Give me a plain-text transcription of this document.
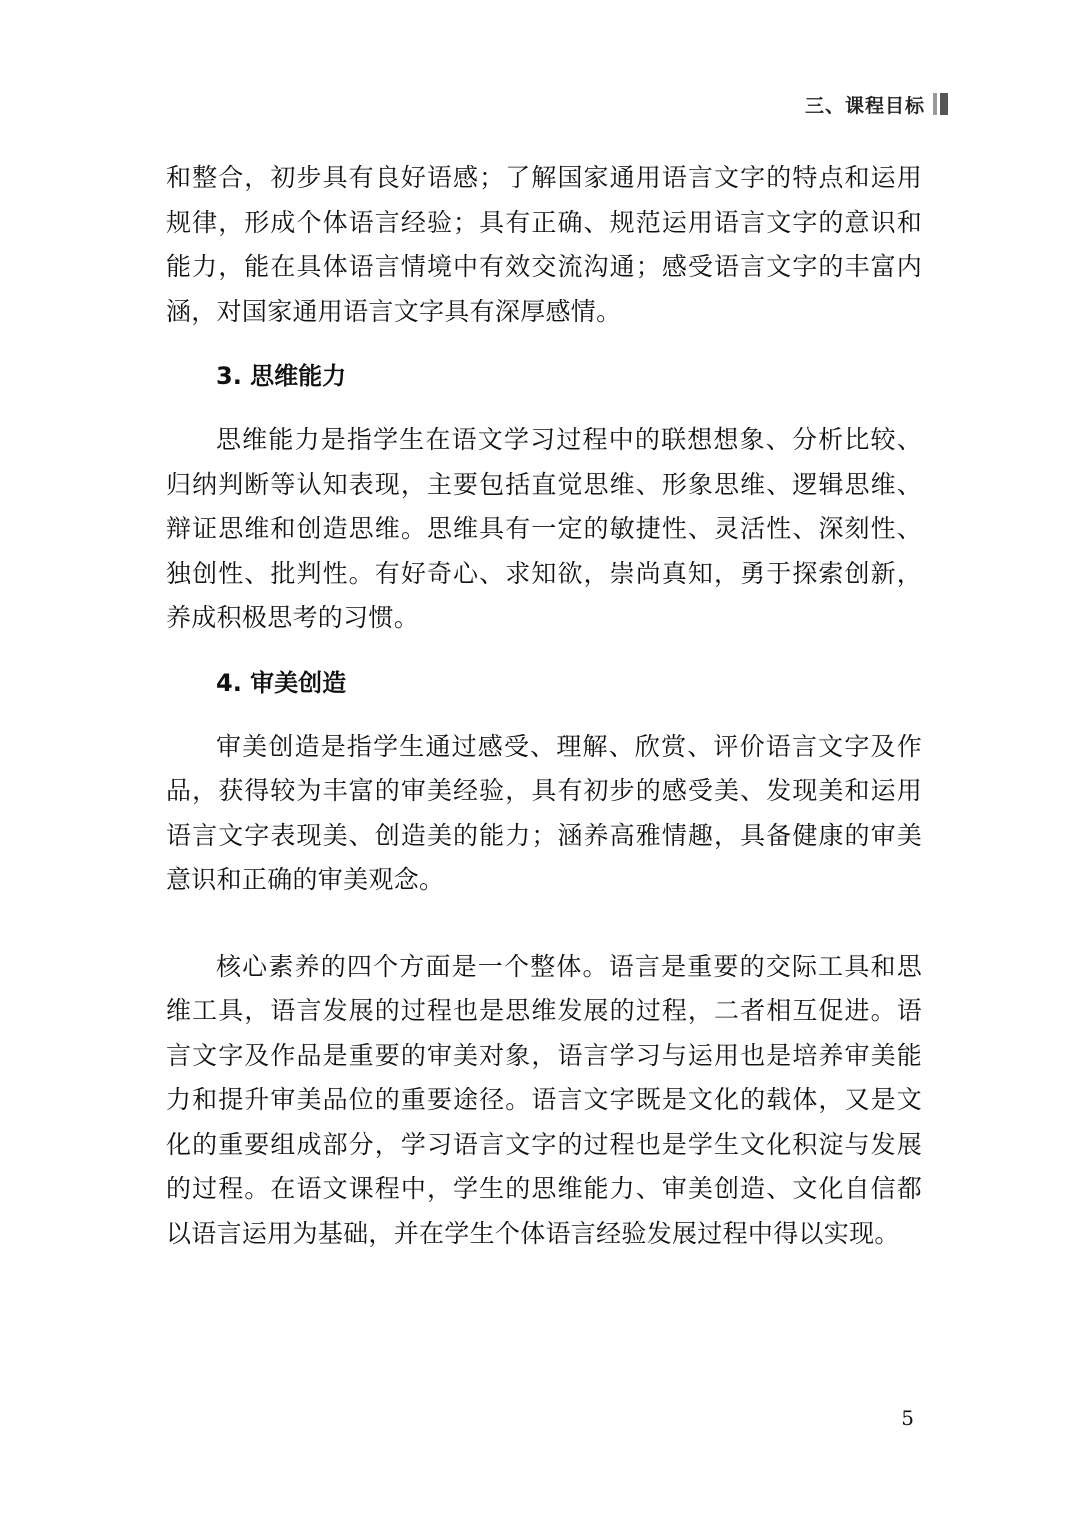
三、课程目标

和整合，初步具有良好语感；了解国家通用语言文字的特点和运用规律，形成个体语言经验；具有正确、规范运用语言文字的意识和能力，能在具体语言情境中有效交流沟通；感受语言文字的丰富内涵，对国家通用语言文字具有深厚感情。

3. 思维能力

思维能力是指学生在语文学习过程中的联想想象、分析比较、归纳判断等认知表现，主要包括直觉思维、形象思维、逻辑思维、辩证思维和创造思维。思维具有一定的敏捷性、灵活性、深刻性、独创性、批判性。有好奇心、求知欲，崇尚真知，勇于探索创新，养成积极思考的习惯。

4. 审美创造

审美创造是指学生通过感受、理解、欣赏、评价语言文字及作品，获得较为丰富的审美经验，具有初步的感受美、发现美和运用语言文字表现美、创造美的能力；涵养高雅情趣，具备健康的审美意识和正确的审美观念。

核心素养的四个方面是一个整体。语言是重要的交际工具和思维工具，语言发展的过程也是思维发展的过程，二者相互促进。语言文字及作品是重要的审美对象，语言学习与运用也是培养审美能力和提升审美品位的重要途径。语言文字既是文化的载体，又是文化的重要组成部分，学习语言文字的过程也是学生文化积淀与发展的过程。在语文课程中，学生的思维能力、审美创造、文化自信都以语言运用为基础，并在学生个体语言经验发展过程中得以实现。

5
